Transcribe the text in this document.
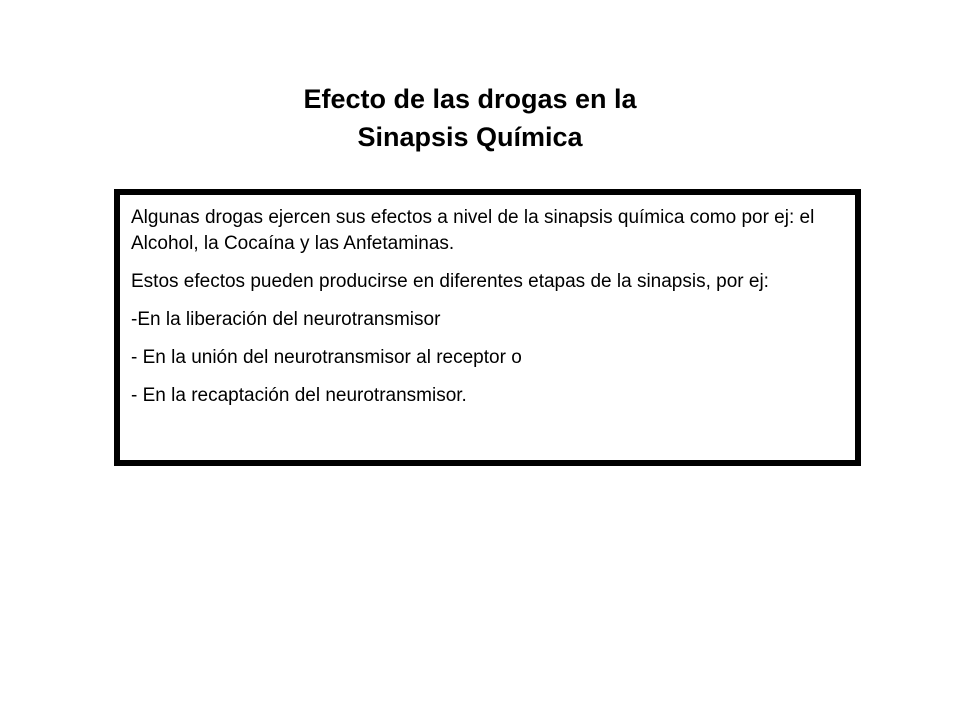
Efecto de las drogas en la
Sinapsis Química

Algunas drogas ejercen sus efectos a nivel de la sinapsis química como por ej: el Alcohol, la Cocaína y las Anfetaminas.

Estos efectos pueden producirse en diferentes etapas de la sinapsis, por ej:

-En la liberación del neurotransmisor

- En la unión del neurotransmisor al receptor o

- En la recaptación del neurotransmisor.
